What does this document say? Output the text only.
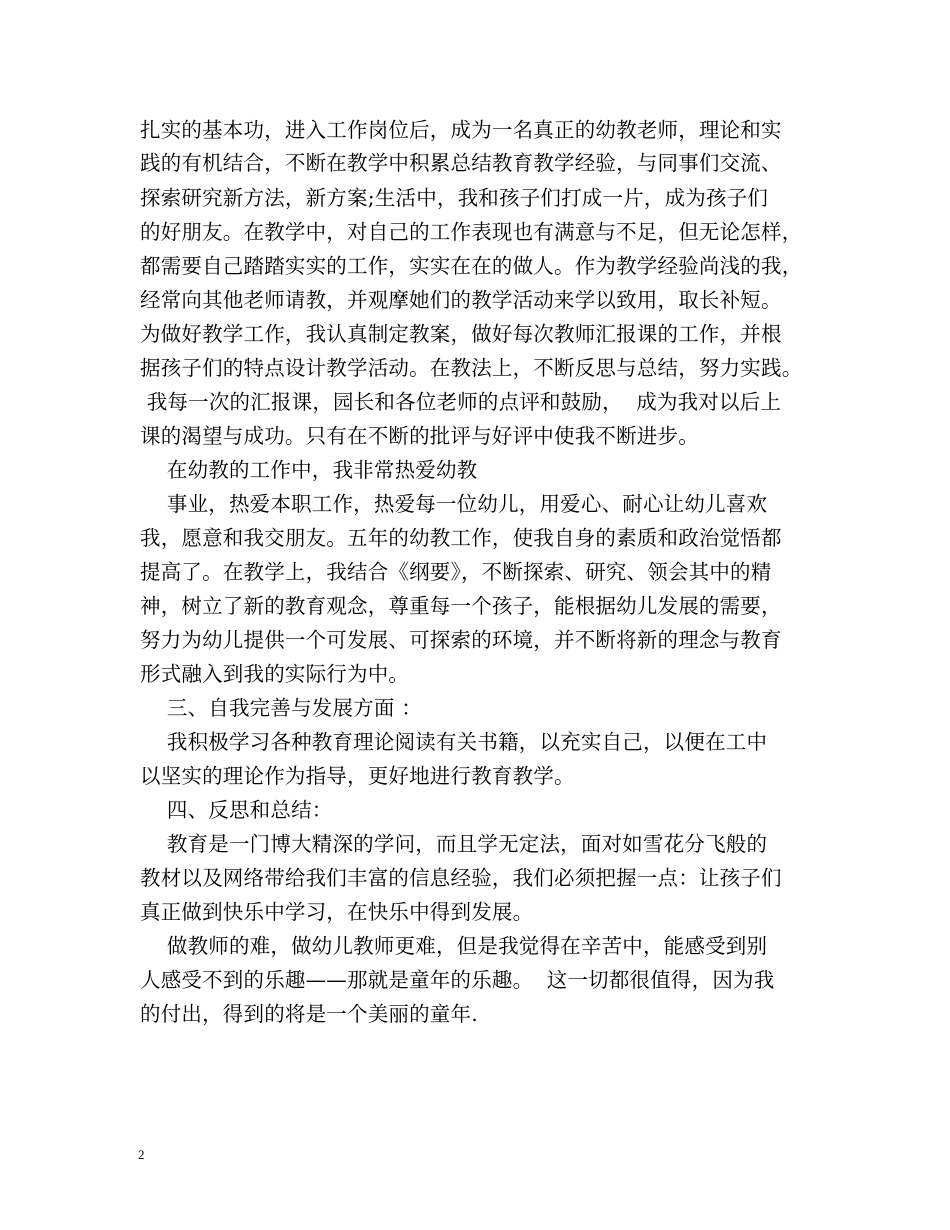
扎实的基本功，进入工作岗位后，成为一名真正的幼教老师，理论和实
践的有机结合，不断在教学中积累总结教育教学经验，与同事们交流、
探索研究新方法，新方案;生活中，我和孩子们打成一片，成为孩子们
的好朋友。在教学中，对自己的工作表现也有满意与不足，但无论怎样，
都需要自己踏踏实实的工作，实实在在的做人。作为教学经验尚浅的我，
经常向其他老师请教，并观摩她们的教学活动来学以致用，取长补短。
为做好教学工作，我认真制定教案，做好每次教师汇报课的工作，并根
据孩子们的特点设计教学活动。在教法上，不断反思与总结，努力实践。
我每一次的汇报课，园长和各位老师的点评和鼓励，  成为我对以后上
课的渴望与成功。只有在不断的批评与好评中使我不断进步。
在幼教的工作中，我非常热爱幼教
事业，热爱本职工作，热爱每一位幼儿，用爱心、耐心让幼儿喜欢
我，愿意和我交朋友。五年的幼教工作，使我自身的素质和政治觉悟都
提高了。在教学上，我结合《纲要》，不断探索、研究、领会其中的精
神，树立了新的教育观念，尊重每一个孩子，能根据幼儿发展的需要，
努力为幼儿提供一个可发展、可探索的环境，并不断将新的理念与教育
形式融入到我的实际行为中。
三、自我完善与发展方面 ：
我积极学习各种教育理论阅读有关书籍，以充实自己，以便在工中
以坚实的理论作为指导，更好地进行教育教学。
四、反思和总结：
教育是一门博大精深的学问，而且学无定法，面对如雪花分飞般的
教材以及网络带给我们丰富的信息经验，我们必须把握一点：让孩子们
真正做到快乐中学习，在快乐中得到发展。
做教师的难，做幼儿教师更难，但是我觉得在辛苦中，能感受到别
人感受不到的乐趣——那就是童年的乐趣。  这一切都很值得，因为我
的付出，得到的将是一个美丽的童年.
2
